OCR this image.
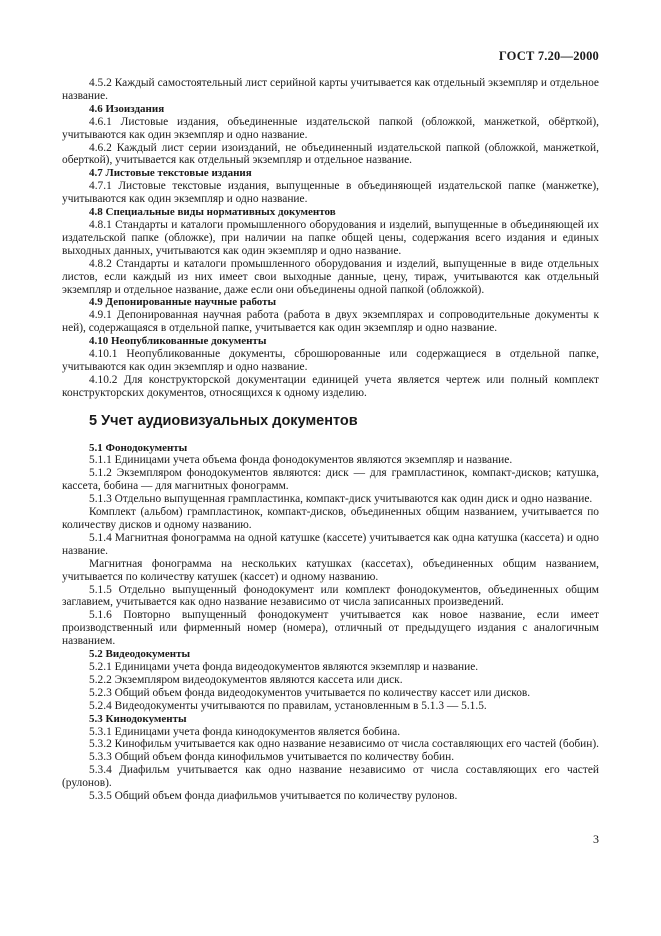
ГОСТ 7.20—2000
4.5.2 Каждый самостоятельный лист серийной карты учитывается как отдельный экземпляр и отдельное название.
4.6 Изоиздания
4.6.1 Листовые издания, объединенные издательской папкой (обложкой, манжеткой, обёрткой), учитываются как один экземпляр и одно название.
4.6.2 Каждый лист серии изоизданий, не объединенный издательской папкой (обложкой, манжеткой, оберткой), учитывается как отдельный экземпляр и отдельное название.
4.7 Листовые текстовые издания
4.7.1 Листовые текстовые издания, выпущенные в объединяющей издательской папке (манжетке), учитываются как один экземпляр и одно название.
4.8 Специальные виды нормативных документов
4.8.1 Стандарты и каталоги промышленного оборудования и изделий, выпущенные в объединяющей их издательской папке (обложке), при наличии на папке общей цены, содержания всего издания и единых выходных данных, учитываются как один экземпляр и одно название.
4.8.2 Стандарты и каталоги промышленного оборудования и изделий, выпущенные в виде отдельных листов, если каждый из них имеет свои выходные данные, цену, тираж, учитываются как отдельный экземпляр и отдельное название, даже если они объединены одной папкой (обложкой).
4.9 Депонированные научные работы
4.9.1 Депонированная научная работа (работа в двух экземплярах и сопроводительные документы к ней), содержащаяся в отдельной папке, учитывается как один экземпляр и одно название.
4.10 Неопубликованные документы
4.10.1 Неопубликованные документы, сброшюрованные или содержащиеся в отдельной папке, учитываются как один экземпляр и одно название.
4.10.2 Для конструкторской документации единицей учета является чертеж или полный комплект конструкторских документов, относящихся к одному изделию.
5 Учет аудиовизуальных документов
5.1 Фонодокументы
5.1.1 Единицами учета объема фонда фонодокументов являются экземпляр и название.
5.1.2 Экземпляром фонодокументов являются: диск — для грампластинок, компакт-дисков; катушка, кассета, бобина — для магнитных фонограмм.
5.1.3 Отдельно выпущенная грампластинка, компакт-диск учитываются как один диск и одно название.
Комплект (альбом) грампластинок, компакт-дисков, объединенных общим названием, учитывается по количеству дисков и одному названию.
5.1.4 Магнитная фонограмма на одной катушке (кассете) учитывается как одна катушка (кассета) и одно название.
Магнитная фонограмма на нескольких катушках (кассетах), объединенных общим названием, учитывается по количеству катушек (кассет) и одному названию.
5.1.5 Отдельно выпущенный фонодокумент или комплект фонодокументов, объединенных общим заглавием, учитывается как одно название независимо от числа записанных произведений.
5.1.6 Повторно выпущенный фонодокумент учитывается как новое название, если имеет производственный или фирменный номер (номера), отличный от предыдущего издания с аналогичным названием.
5.2 Видеодокументы
5.2.1 Единицами учета фонда видеодокументов являются экземпляр и название.
5.2.2 Экземпляром видеодокументов являются кассета или диск.
5.2.3 Общий объем фонда видеодокументов учитывается по количеству кассет или дисков.
5.2.4 Видеодокументы учитываются по правилам, установленным в 5.1.3 — 5.1.5.
5.3 Кинодокументы
5.3.1 Единицами учета фонда кинодокументов является бобина.
5.3.2 Кинофильм учитывается как одно название независимо от числа составляющих его частей (бобин).
5.3.3 Общий объем фонда кинофильмов учитывается по количеству бобин.
5.3.4 Диафильм учитывается как одно название независимо от числа составляющих его частей (рулонов).
5.3.5 Общий объем фонда диафильмов учитывается по количеству рулонов.
3
